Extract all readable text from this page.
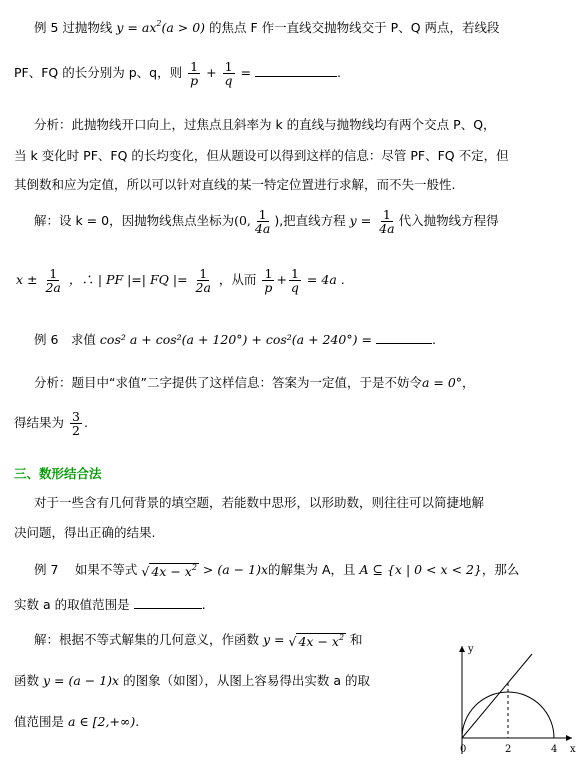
例 5 过抛物线 $y = ax^2(a > 0)$ 的焦点 F 作一直线交抛物线交于 P、Q 两点，若线段
PF、FQ 的长分别为 p、q，则 $\frac{1}{p} + \frac{1}{q}$ =	.
分析：此抛物线开口向上，过焦点且斜率为 k 的直线与抛物线均有两个交点 P、Q，
当 k 变化时 PF、FQ 的长均变化，但从题设可以得到这样的信息：尽管 PF、FQ 不定，但
其倒数和应为定值，所以可以针对直线的某一特定位置进行求解，而不失一般性.
解：设 k = 0，因抛物线焦点坐标为(0, $\frac{1}{4a}$ ),把直线方程 $y = \frac{1}{4a}$ 代入抛物线方程得
$x \pm \frac{1}{2a}$ ，∴ | PF |=| FQ |= $\frac{1}{2a}$ ，从而 $\frac{1}{p} + \frac{1}{q} = 4a$ .
例 6　求值 cos² a + cos²(a + 120°) + cos²(a + 240°) =	.
分析：题目中“求值”二字提供了这样信息：答案为一定值，于是不妨令a = 0°，
得结果为 $\frac{3}{2}$ .
三、数形结合法
对于一些含有几何背景的填空题，若能数中思形，以形助数，则往往可以简捷地解
决问题，得出正确的结果.
例 7　 如果不等式 √ $4x - x^2 > (a - 1)x$的解集为 A，且 A ⊆ {x | 0 < x < 2}，那么
实数 a 的取值范围是	.
解：根据不等式解集的几何意义，作函数 y = √ $4x - x^2$ 和
函数 y = (a − 1)x 的图象（如图），从图上容易得出实数 a 的取
值范围是 a ∈ [2,+∞).
y
x
0	2	4
